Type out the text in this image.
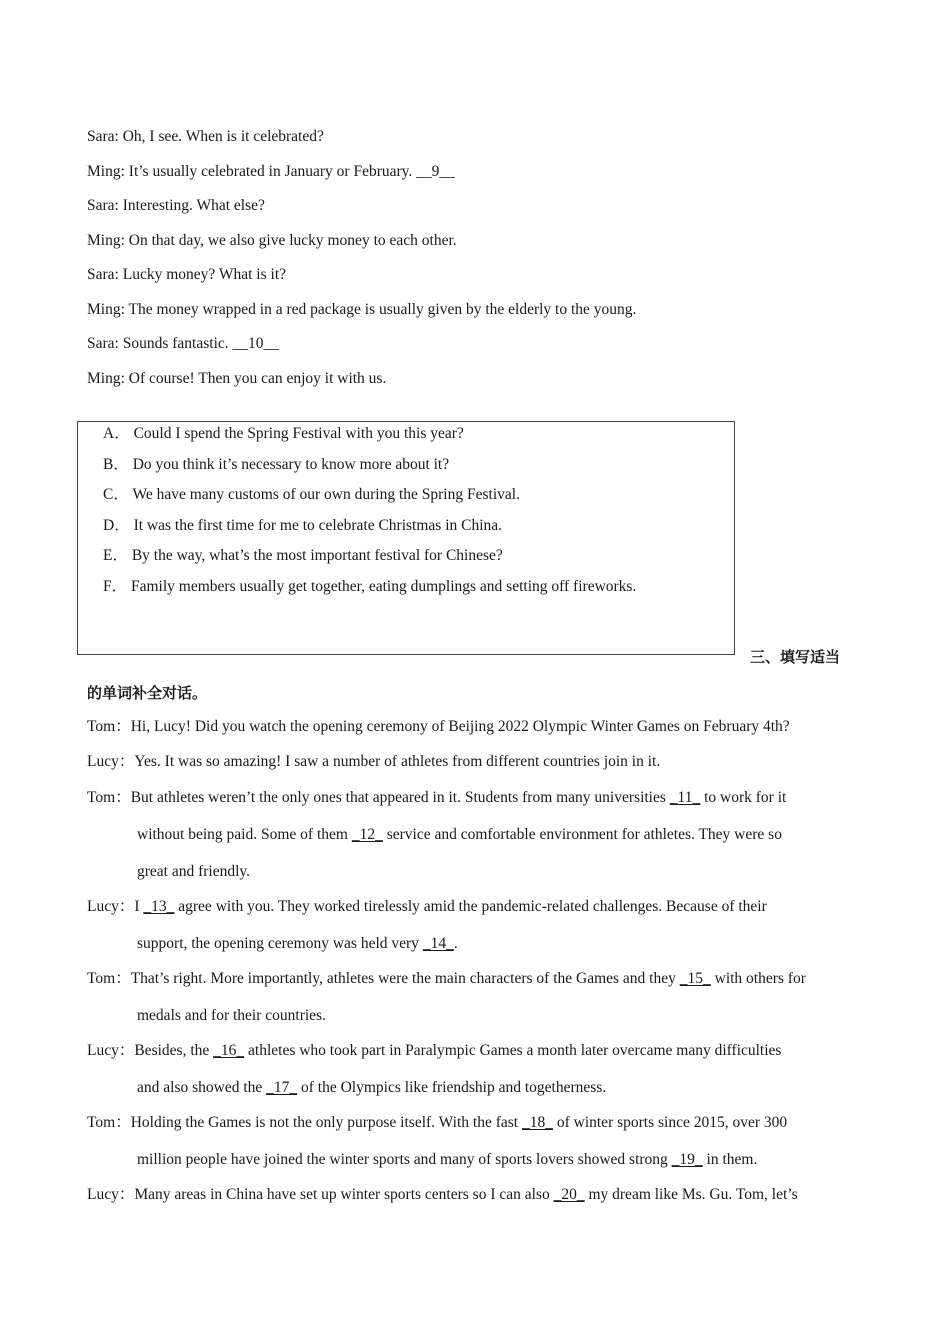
Sara: Oh, I see. When is it celebrated?
Ming: It’s usually celebrated in January or February. __9__
Sara: Interesting. What else?
Ming: On that day, we also give lucky money to each other.
Sara: Lucky money? What is it?
Ming: The money wrapped in a red package is usually given by the elderly to the young.
Sara: Sounds fantastic. __10__
Ming: Of course! Then you can enjoy it with us.
A． Could I spend the Spring Festival with you this year?
B． Do you think it’s necessary to know more about it?
C． We have many customs of our own during the Spring Festival.
D． It was the first time for me to celebrate Christmas in China.
E． By the way, what’s the most important festival for Chinese?
F． Family members usually get together, eating dumplings and setting off fireworks.
三、填写适当
的单词补全对话。
Tom：Hi, Lucy! Did you watch the opening ceremony of Beijing 2022 Olympic Winter Games on February 4th?
Lucy：Yes. It was so amazing! I saw a number of athletes from different countries join in it.
Tom：But athletes weren’t the only ones that appeared in it. Students from many universities _11_ to work for it
without being paid. Some of them _12_ service and comfortable environment for athletes. They were so
great and friendly.
Lucy：I _13_ agree with you. They worked tirelessly amid the pandemic-related challenges. Because of their
support, the opening ceremony was held very _14_.
Tom：That’s right. More importantly, athletes were the main characters of the Games and they _15_ with others for
medals and for their countries.
Lucy：Besides, the _16_ athletes who took part in Paralympic Games a month later overcame many difficulties
and also showed the _17_ of the Olympics like friendship and togetherness.
Tom：Holding the Games is not the only purpose itself. With the fast _18_ of winter sports since 2015, over 300
million people have joined the winter sports and many of sports lovers showed strong _19_ in them.
Lucy：Many areas in China have set up winter sports centers so I can also _20_ my dream like Ms. Gu. Tom, let’s
